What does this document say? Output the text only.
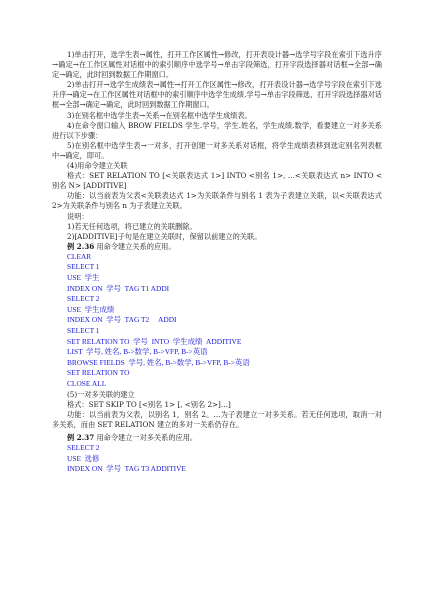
1)单击打开，选学生表→属性，打开工作区属性→修改，打开表设计器→选学号字段在索引下选升序→确定→在工作区属性对话框中的索引顺序中选学号→单击字段筛选，打开字段选择器对话框→全部→确定→确定，此时回到数据工作期窗口。

2)单击打开→选学生成绩表→属性→打开工作区属性→修改，打开表设计器→选学号字段在索引下选升序→确定→在工作区属性对话框中的索引顺序中选学生成绩.学号→单击字段筛选，打开字段选择器对话框→全部→确定→确定，此时回到数据工作期窗口。

3)在别名框中选学生表→关系→在别名框中选学生成绩表。

4)在命令窗口输入 BROW FIELDS 学生.学号，学生.姓名，学生成绩.数学，看要建立一对多关系进行以下步骤：

5)在别名框中选学生表→一对多，打开创建一对多关系对话框，将学生成绩表移到选定别名列表框中→确定，即可。

(4)用命令建立关联

格式：SET RELATION TO [<关联表达式 1>] INTO <别名 1>, …<关联表达式 n> INTO <别名 N> [ADDITIVE]

功能：以当前表为父表<关联表达式 1>为关联条件与别名 1 表为子表建立关联，以<关联表达式 2>为关联条件与别名 n 为子表建立关联。

说明：

1)若无任何选项，将已建立的关联删除。

2)[ADDITIVE]子句是在建立关联时，保留以前建立的关联。

例 2.36 用命令建立关系的应用。

CLEAR
SELECT 1
USE  学生
INDEX ON  学号  TAG T1 ADDI
SELECT 2
USE  学生成绩
INDEX ON  学号  TAG T2     ADDI
SELECT 1
SET RELATION TO  学号  INTO  学生成绩  ADDITIVE
LIST  学号, 姓名, B->数学, B->VFP, B->英语
BROWSE FIELDS  学号, 姓名, B->数学, B->VFP, B->英语
SET RELATION TO
CLOSE ALL

(5)一对多关联的建立

格式：SET SKIP TO [<别名 1> [, <别名 2>]…]

功能：以当前表为父表，以别名 1，别名 2。…为子表建立一对多关系。若无任何选项，取消一对多关系，而由 SET RELATION 建立的多对一关系仍存在。

例 2.37 用命令建立一对多关系的应用。

SELECT 2
USE  选修
INDEX ON  学号  TAG T3 ADDITIVE
